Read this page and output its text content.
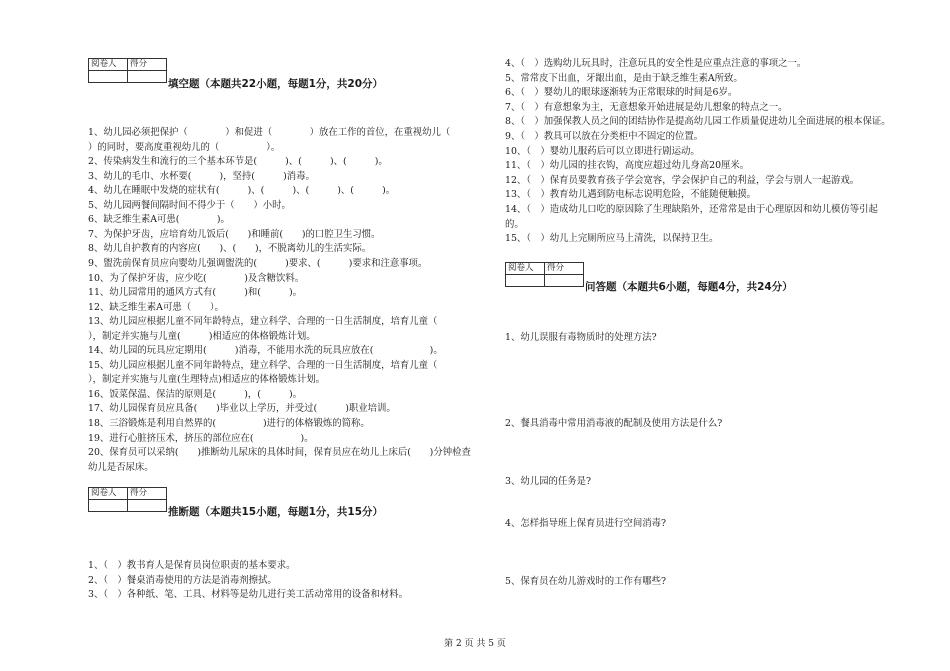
阅卷人	得分

填空题（本题共22小题，每题1分，共20分）
1、幼儿园必须把保护（　　　　）和促进（　　　　）放在工作的首位，在重视幼儿（
）的同时，要高度重视幼儿的（　　　　　）。
2、传染病发生和流行的三个基本环节是(　　　)、(　　　)、(　　　)。
3、幼儿的毛巾、水杯要(　　　)，坚持(　　　)消毒。
4、幼儿在睡眠中发烧的症状有(　　　)、(　　　)、(　　　)、(　　　)。
5、幼儿园两餐间隔时间不得少于（　　）小时。
6、缺乏维生素A可患(　　　　)。
7、为保护牙齿，应培育幼儿饭后(　　)和睡前(　　)的口腔卫生习惯。
8、幼儿自护教育的内容应(　　)、(　　)，不脱离幼儿的生活实际。
9、盥洗前保育员应向婴幼儿强调盥洗的(　　　)要求、(　　　)要求和注意事项。
10、为了保护牙齿，应少吃(　　　　)及含糖饮料。
11、幼儿园常用的通风方式有(　　　)和(　　　)。
12、缺乏维生素A可患（　　）。
13、幼儿园应根据儿童不同年龄特点，建立科学、合理的一日生活制度，培育儿童（
），制定并实施与儿童(　　　)相适应的体格锻炼计划。
14、幼儿园的玩具应定期用(　　　)消毒，不能用水洗的玩具应放在(　　　　　　)。
15、幼儿园应根据儿童不同年龄特点，建立科学、合理的一日生活制度，培育儿童（
），制定并实施与儿童(生理特点)相适应的体格锻炼计划。
16、饭菜保温、保洁的原则是(　　　)，(　　　)。
17、幼儿园保育员应具备(　　)毕业以上学历，并受过(　　　)职业培训。
18、三浴锻炼是利用自然界的(　　　　　)进行的体格锻炼的简称。
19、进行心脏挤压术，挤压的部位应在(　　　　　)。
20、保育员可以采纳(　　)推断幼儿尿床的具体时间，保育员应在幼儿上床后(　　)分钟检查
幼儿是否尿床。
阅卷人	得分

推断题（本题共15小题，每题1分，共15分）
1、（　）教书育人是保育员岗位职责的基本要求。
2、（　）餐桌消毒使用的方法是消毒剂擦拭。
3、（　）各种纸、笔、工具、材料等是幼儿进行美工活动常用的设备和材料。
4、（　）选购幼儿玩具时，注意玩具的安全性是应重点注意的事项之一。
5、常常皮下出血，牙龈出血，是由于缺乏维生素A所致。
6、（　）婴幼儿的眼球逐渐转为正常眼球的时间是6岁。
7、（　）有意想象为主，无意想象开始进展是幼儿想象的特点之一。
8、（　）加强保教人员之间的团结协作是提高幼儿园工作质量促进幼儿全面进展的根本保证。
9、（　）教具可以放在分类柜中不固定的位置。
10、（　）婴幼儿服药后可以立即进行剧运动。
11、（　）幼儿园的挂衣钩，高度应超过幼儿身高20厘米。
12、（　）保育员要教育孩子学会宽容，学会保护自己的利益，学会与别人一起游戏。
13、（　）教育幼儿遇到防电标志说明危险，不能随便触摸。
14、（　）造成幼儿口吃的原因除了生理缺陷外，还常常是由于心理原因和幼儿模仿等引起
的。
15、（　）幼儿上完厕所应马上清洗，以保持卫生。
阅卷人	得分

问答题（本题共6小题，每题4分，共24分）
1、幼儿误服有毒物质时的处理方法?
2、餐具消毒中常用消毒液的配制及使用方法是什么?
3、幼儿园的任务是?
4、怎样指导班上保育员进行空间消毒?
5、保育员在幼儿游戏时的工作有哪些?
第 2 页 共 5 页
